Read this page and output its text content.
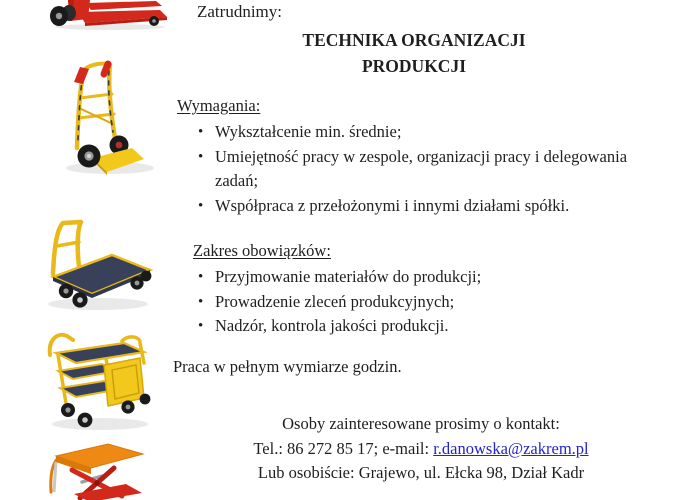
Zatrudnimy:
TECHNIKA ORGANIZACJI
PRODUKCJI
Wymagania:
• Wykształcenie min. średnie;
• Umiejętność pracy w zespole, organizacji pracy i delegowania zadań;
• Współpraca z przełożonymi i innymi działami spółki.
Zakres obowiązków:
• Przyjmowanie materiałów do produkcji;
• Prowadzenie zleceń produkcyjnych;
• Nadzór, kontrola jakości produkcji.
Praca w pełnym wymiarze godzin.
Osoby zainteresowane prosimy o kontakt:
Tel.: 86 272 85 17; e-mail: r.danowska@zakrem.pl
Lub osobiście: Grajewo, ul. Ełcka 98, Dział Kadr
